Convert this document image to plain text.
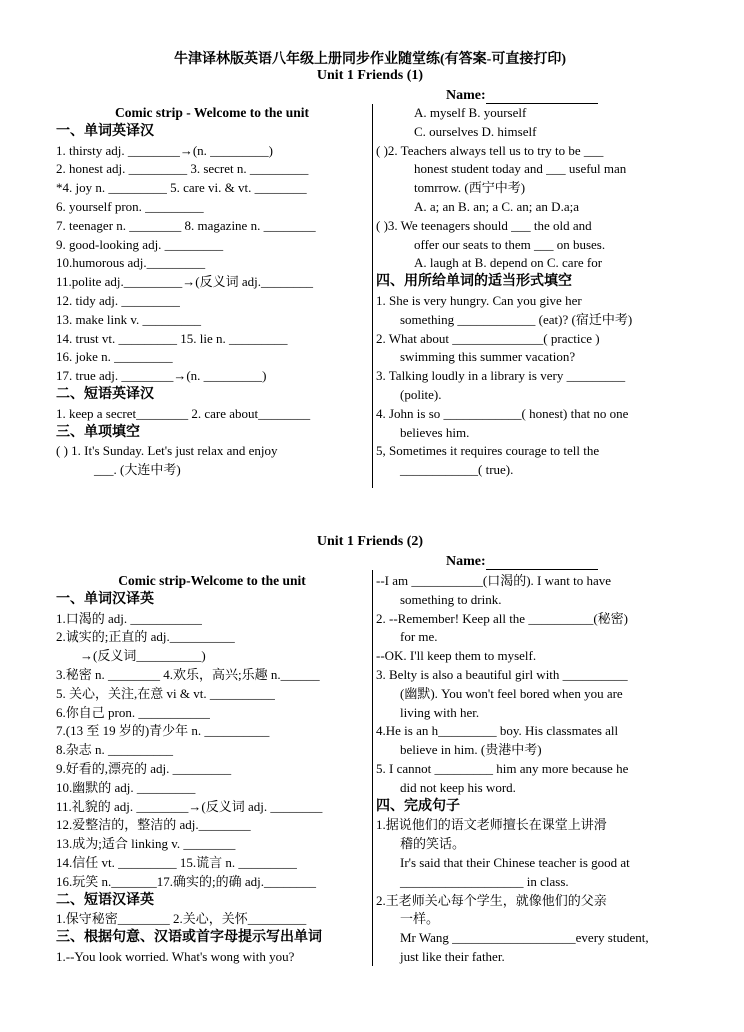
牛津译林版英语八年级上册同步作业随堂练(有答案-可直接打印)
Unit 1 Friends (1)
Name:
Comic strip - Welcome to the unit
一、单词英译汉
1. thirsty adj. ________→(n. _________)
2. honest adj. _________ 3. secret n. _________
*4. joy n. _________ 5. care vi. & vt. ________
6. yourself pron. _________
7. teenager n. ________ 8. magazine n. ________
9. good-looking adj. _________
10.humorous adj._________
11.polite adj._________→(反义词 adj.________
12. tidy adj. _________
13. make link v. _________
14. trust vt. _________ 15. lie n. _________
16. joke n. _________
17. true adj. ________→(n. _________)
二、短语英译汉
1. keep a secret________ 2. care about________
三、单项填空
( ) 1. It's Sunday. Let's just relax and enjoy
___. (大连中考)
A. myself B. yourself
C. ourselves D. himself
( )2. Teachers always tell us to try to be ___
honest student today and ___ useful man
tomrrow. (西宁中考)
A. a; an B. an; a C. an; an D.a;a
( )3. We teenagers should ___ the old and
offer our seats to them ___ on buses.
A. laugh at B. depend on C. care for
四、用所给单词的适当形式填空
1. She is very hungry. Can you give her
something ____________ (eat)? (宿迁中考)
2. What about ______________( practice )
swimming this summer vacation?
3. Talking loudly in a library is very _________
(polite).
4. John is so ____________( honest) that no one
believes him.
5, Sometimes it requires courage to tell the
____________( true).
Unit 1 Friends (2)
Name:
Comic strip-Welcome to the unit
一、单词汉译英
1.口渴的 adj. ___________
2.诚实的;正直的 adj.__________
→(反义词__________)
3.秘密 n. ________ 4.欢乐，高兴;乐趣 n.______
5. 关心，关注,在意 vi & vt. __________
6.你自己 pron. ___________
7.(13 至 19 岁的)青少年 n. __________
8.杂志 n. __________
9.好看的,漂亮的 adj. _________
10.幽默的 adj. _________
11.礼貌的 adj. ________→(反义词 adj. ________
12.爱整洁的，整洁的 adj.________
13.成为;适合 linking v. ________
14.信任 vt. _________ 15.谎言 n. _________
16.玩笑 n._______17.确实的;的确 adj.________
二、短语汉译英
1.保守秘密________ 2.关心，关怀_________
三、根据句意、汉语或首字母提示写出单词
1.--You look worried. What's wong with you?
--I am ___________(口渴的). I want to have
something to drink.
2. --Remember! Keep all the __________(秘密)
for me.
--OK. I'll keep them to myself.
3. Belty is also a beautiful girl with __________
(幽默). You won't feel bored when you are
living with her.
4.He is an h_________ boy. His classmates all
believe in him. (贵港中考)
5. I cannot _________ him any more because he
did not keep his word.
四、完成句子
1.据说他们的语文老师擅长在课堂上讲滑
稽的笑话。
Ir's said that their Chinese teacher is good at
___________________ in class.
2.王老师关心每个学生，就像他们的父亲
一样。
Mr Wang ___________________every student,
just like their father.
